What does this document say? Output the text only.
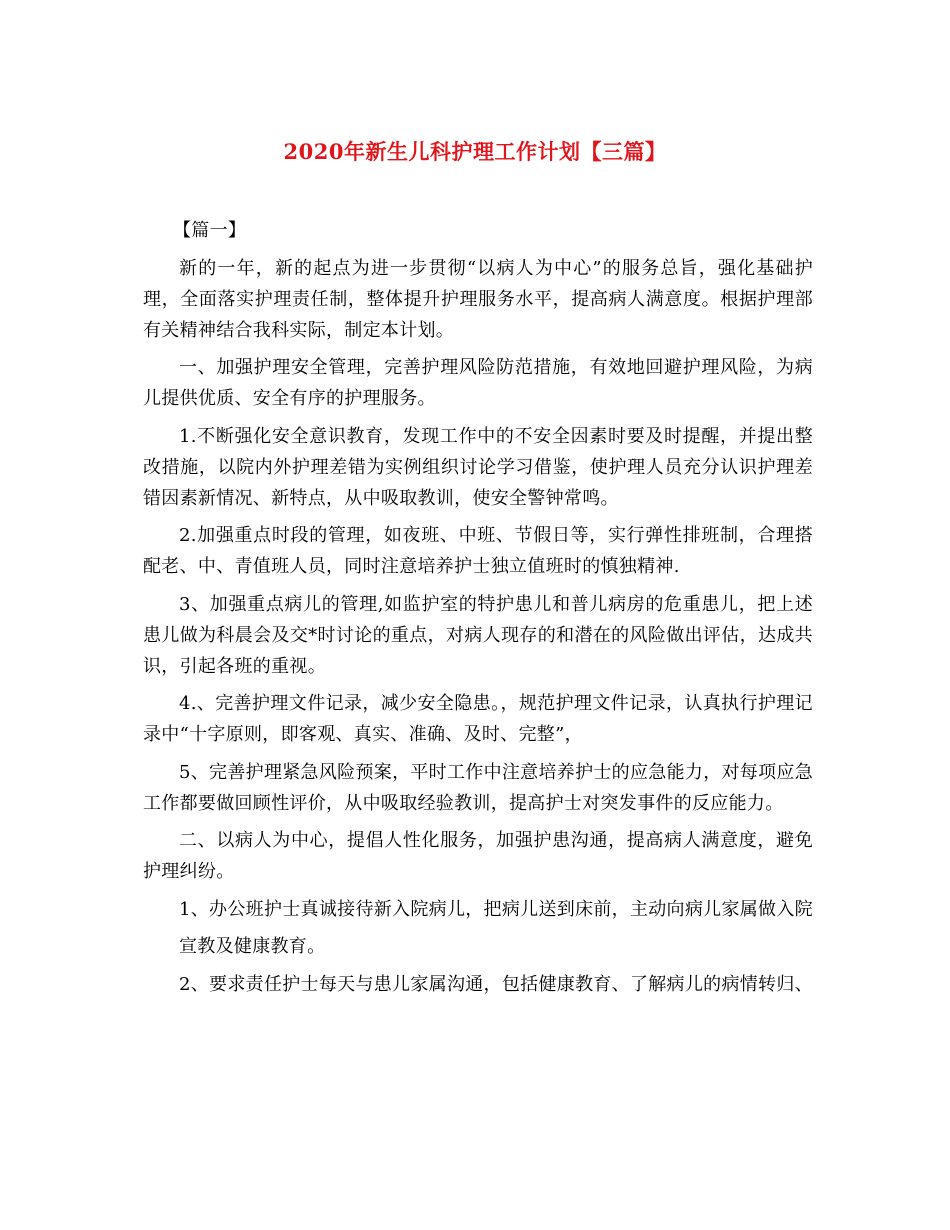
2020年新生儿科护理工作计划【三篇】

【篇一】

新的一年，新的起点为进一步贯彻“以病人为中心”的服务总旨，强化基础护理，全面落实护理责任制，整体提升护理服务水平，提高病人满意度。根据护理部有关精神结合我科实际，制定本计划。

一、加强护理安全管理，完善护理风险防范措施，有效地回避护理风险，为病儿提供优质、安全有序的护理服务。

1.不断强化安全意识教育，发现工作中的不安全因素时要及时提醒，并提出整改措施，以院内外护理差错为实例组织讨论学习借鉴，使护理人员充分认识护理差错因素新情况、新特点，从中吸取教训，使安全警钟常鸣。

2.加强重点时段的管理，如夜班、中班、节假日等，实行弹性排班制，合理搭配老、中、青值班人员，同时注意培养护士独立值班时的慎独精神.

3、加强重点病儿的管理,如监护室的特护患儿和普儿病房的危重患儿，把上述患儿做为科晨会及交*时讨论的重点，对病人现存的和潜在的风险做出评估，达成共识，引起各班的重视。

4.、完善护理文件记录，减少安全隐患。，规范护理文件记录，认真执行护理记录中“十字原则，即客观、真实、准确、及时、完整”，

5、完善护理紧急风险预案，平时工作中注意培养护士的应急能力，对每项应急工作都要做回顾性评价，从中吸取经验教训，提高护士对突发事件的反应能力。

二、以病人为中心，提倡人性化服务，加强护患沟通，提高病人满意度，避免护理纠纷。

1、办公班护士真诚接待新入院病儿，把病儿送到床前，主动向病儿家属做入院

宣教及健康教育。

2、要求责任护士每天与患儿家属沟通，包括健康教育、了解病儿的病情转归、
